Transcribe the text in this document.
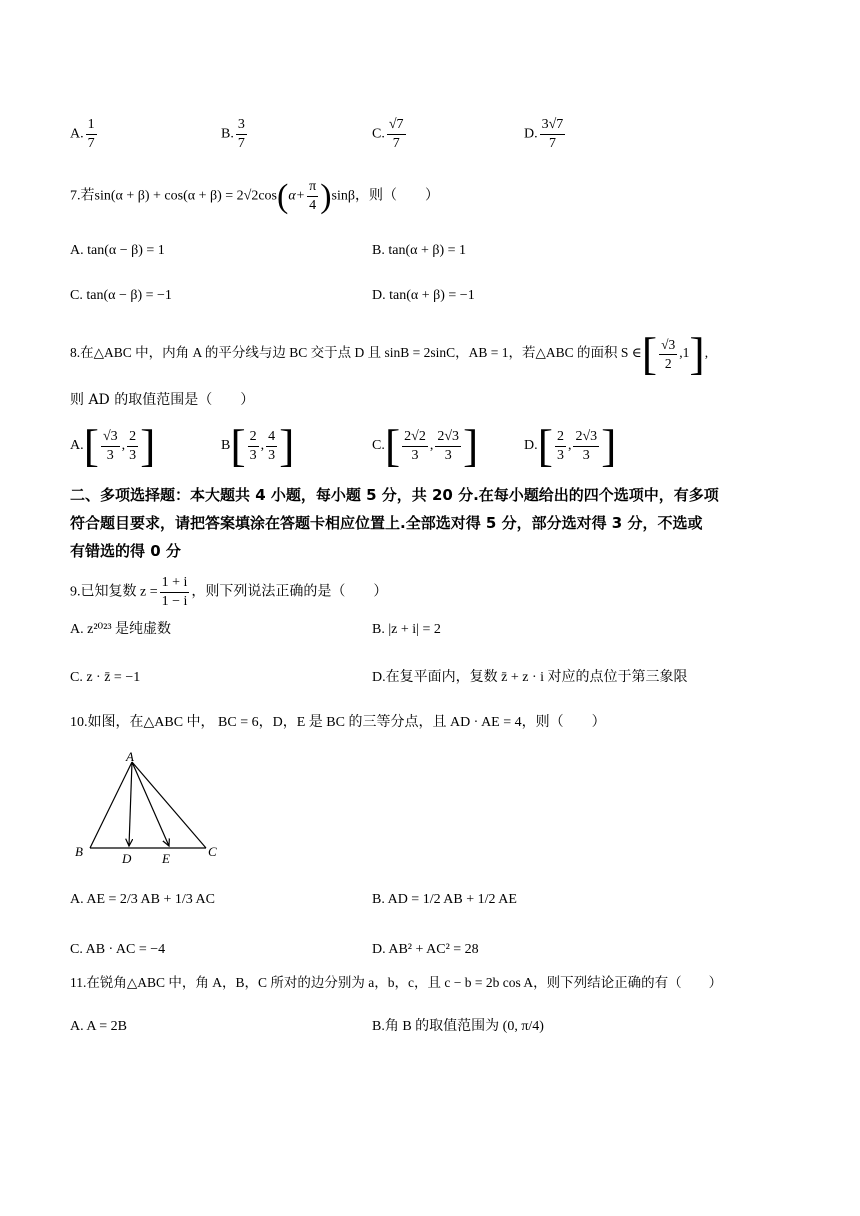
A. $\frac{1}{7}$	B. $\frac{3}{7}$	C. $\frac{√7}{7}$	D. $\frac{3√7}{7}$
7.若$\sin(\alpha + \beta) + \cos(\alpha + \beta) = 2√2\cos(\alpha+ \frac{\pi}{4} )\sin\beta$，则（　　）
A. tan(α − β) = 1	B. tan(α + β) = 1
C. tan(α − β) = −1	D. tan(α + β) = −1
8.在△ABC 中，内角 A 的平分线与边 BC 交于点 D 且 sinB = 2sinC，AB = 1，若△ABC 的面积 S ∈[ $\frac{√3}{2} ,1$],
则 AD 的取值范围是（　　）
$A.[ \frac{√3}{3}$ , $\frac{2}{3}$ ]	$B[ \frac{2}{3}$ , $\frac{4}{3}$ ]	$C.[ \frac{2√2}{3}$ , $\frac{2√3}{3}$ ]	$D.[ \frac{2}{3}$ , $\frac{2√3}{3}$ ]
二、多项选择题：本大题共 4 小题，每小题 5 分，共 20 分.在每小题给出的四个选项中，有多项
符合题目要求，请把答案填涂在答题卡相应位置上.全部选对得 5 分，部分选对得 3 分，不选或
有错选的得 0 分
9.已知复数 $z = \frac{1 + i}{1 - i}$ ，则下列说法正确的是（　　）
A. z²⁰²³ 是纯虚数	B. |z + i| = 2
C. z · z̄ = −1	D.在复平面内，复数 z̄ + z · i 对应的点位于第三象限
10.如图，在△ABC 中， BC = 6，D，E 是 BC 的三等分点，且 AD · AE = 4，则（　　）
A
B	D E	C
A. AE = 2/3 AB + 1/3 AC	B. AD = 1/2 AB + 1/2 AE
C. AB · AC = −4	D. AB² + AC² = 28
11.在锐角△ABC 中，角 A，B，C 所对的边分别为 a，b，c，且 c − b = 2b cos A，则下列结论正确的有（　　）
A. A = 2B	B.角 B 的取值范围为 (0, π/4)
